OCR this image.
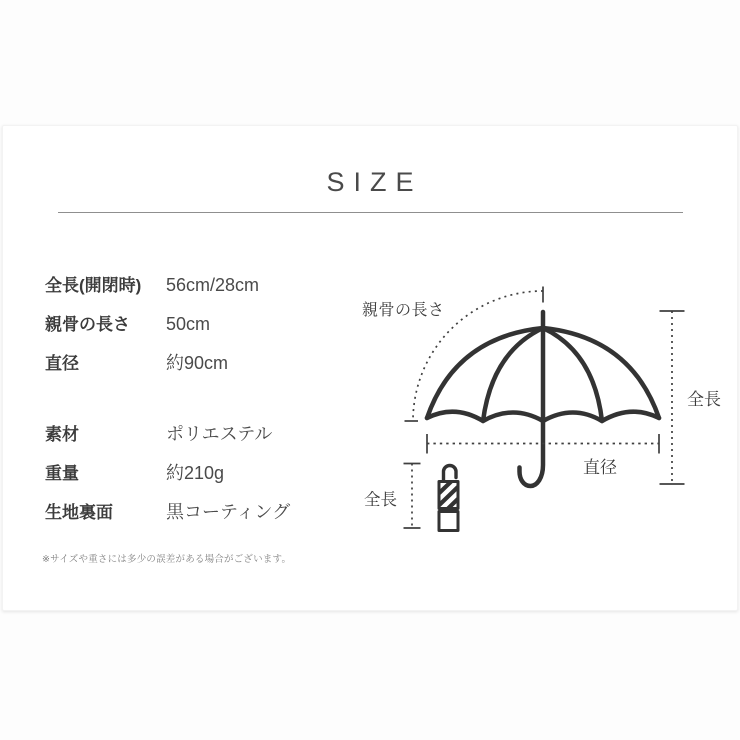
SIZE
全長(開閉時) 56cm/28cm
親骨の長さ 50cm
直径	約90cm
素材	ポリエステル
重量	約210g
生地裏面	黒コーティング
※サイズや重さには多少の誤差がある場合がございます。
親骨の長さ
全長
直径
全長
